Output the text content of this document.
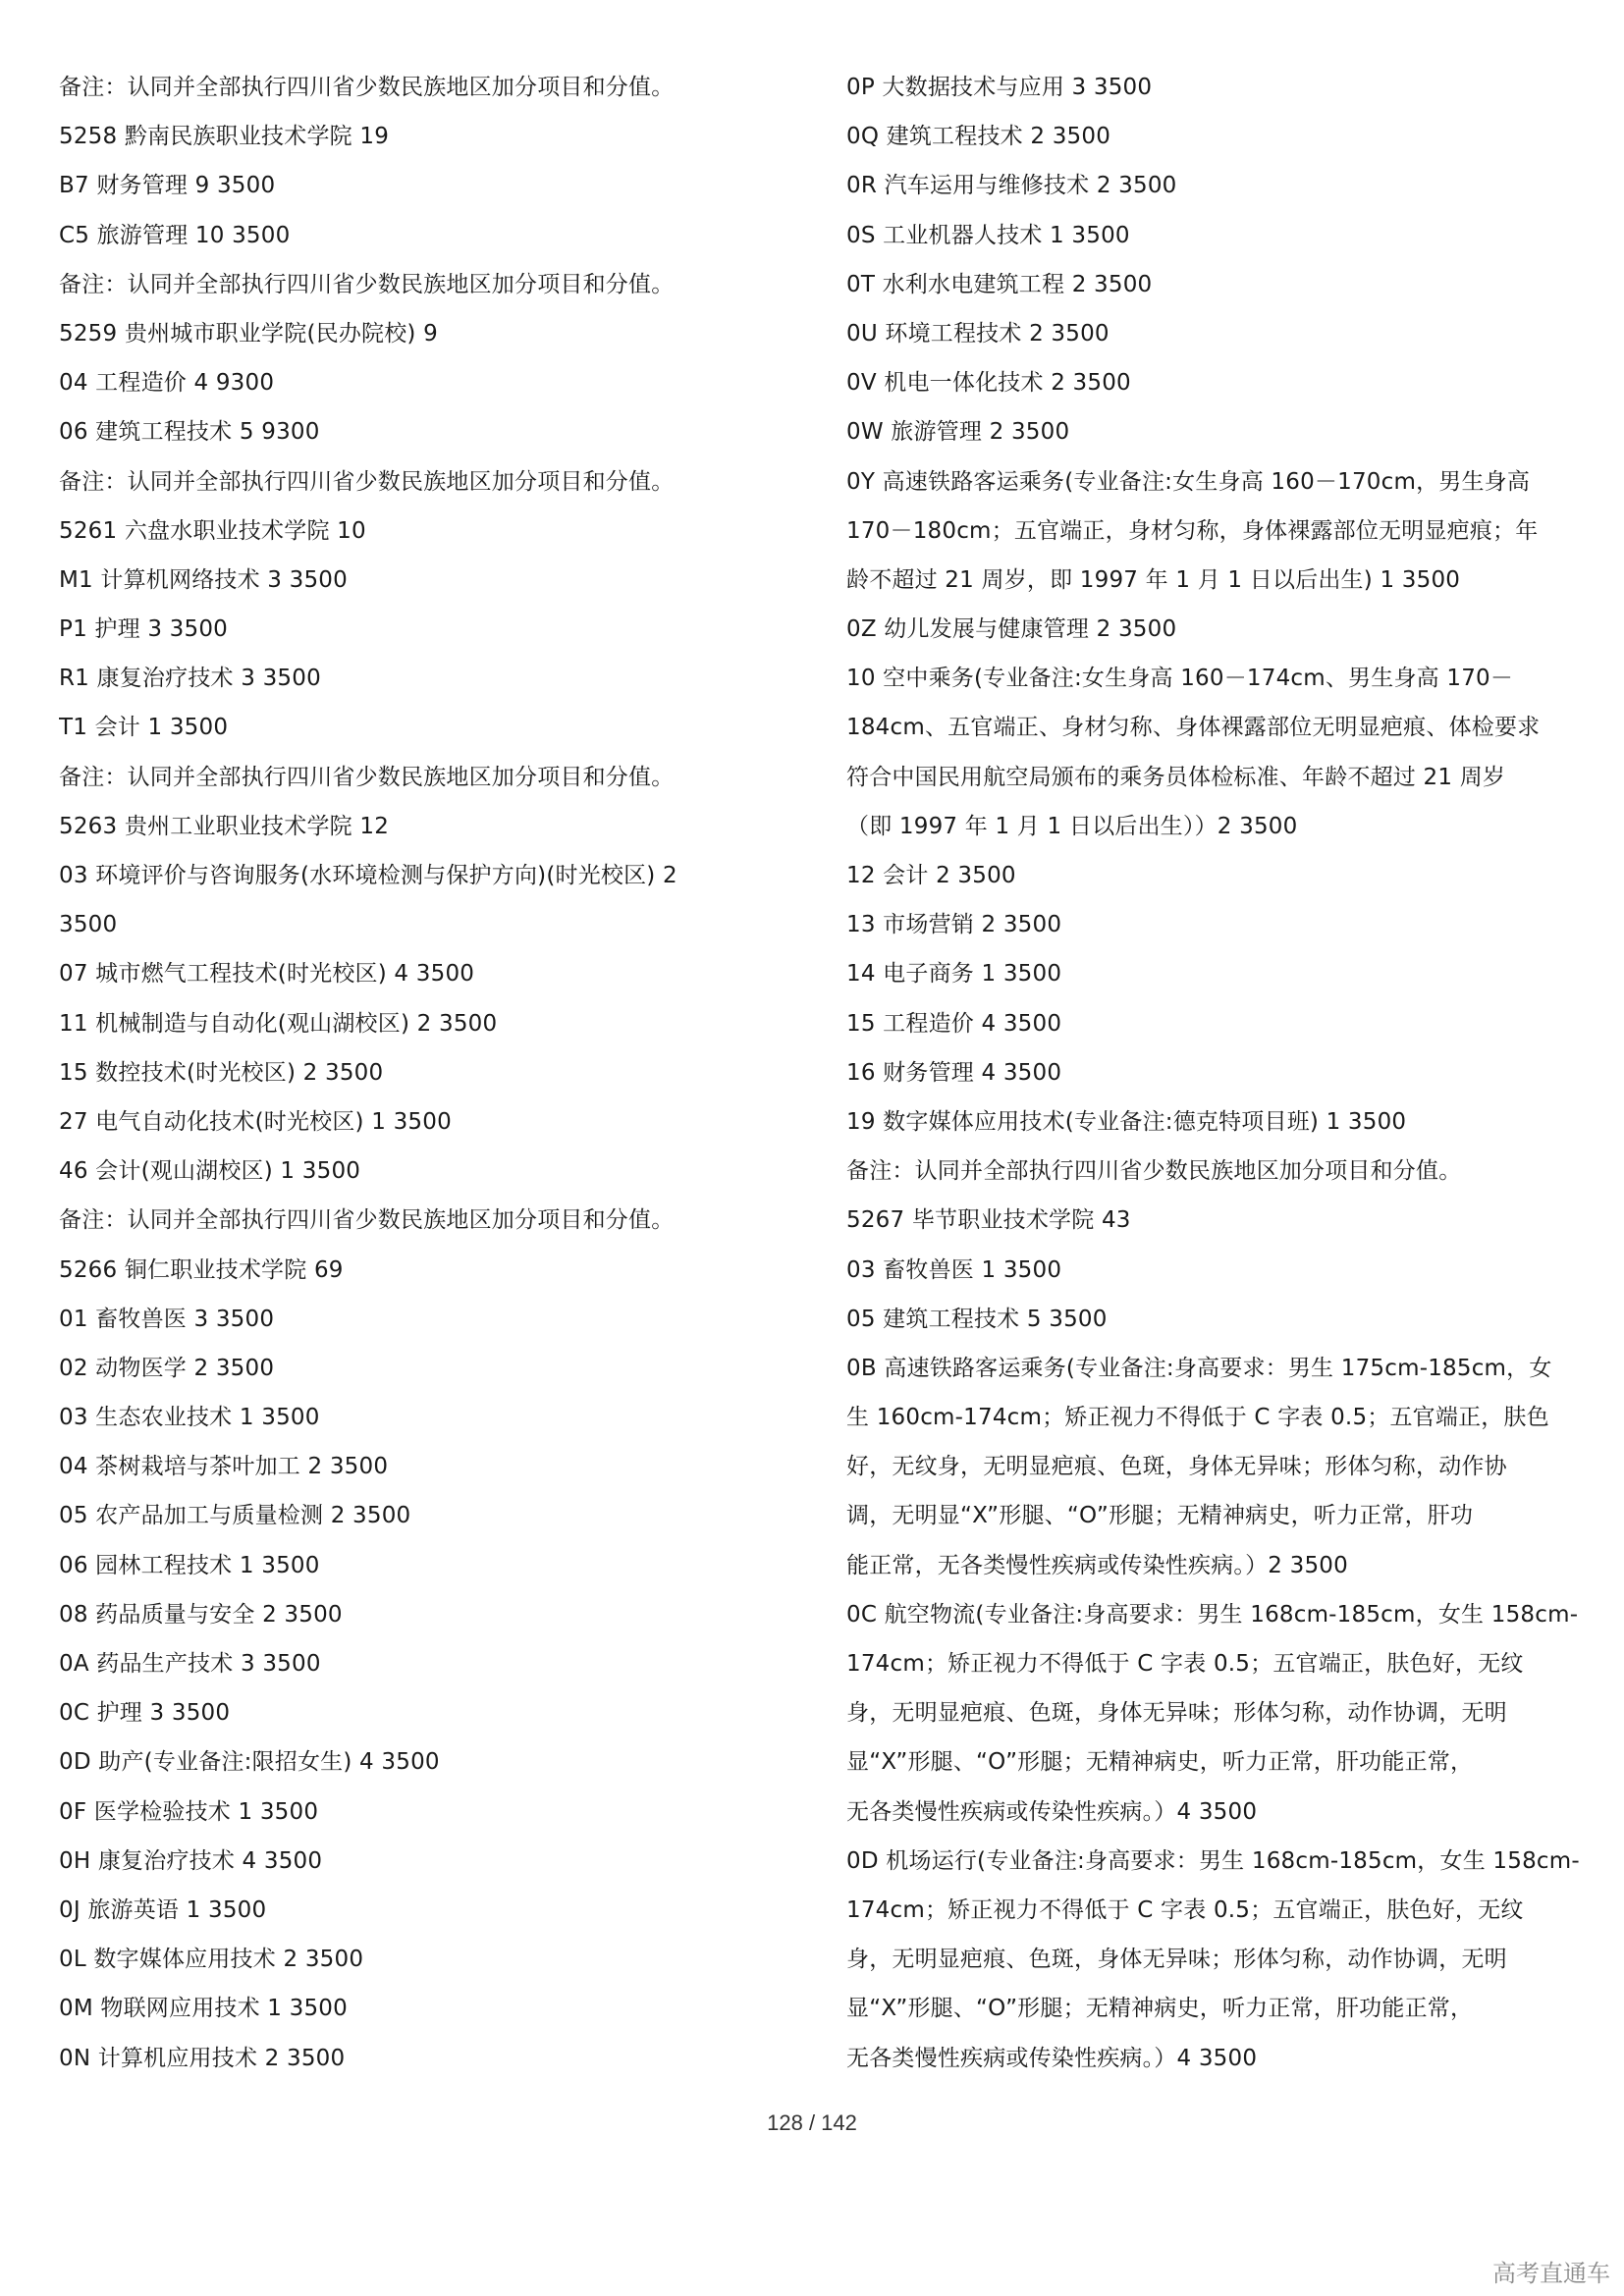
备注：认同并全部执行四川省少数民族地区加分项目和分值。
5258 黔南民族职业技术学院 19
B7 财务管理 9 3500
C5 旅游管理 10 3500
备注：认同并全部执行四川省少数民族地区加分项目和分值。
5259 贵州城市职业学院(民办院校) 9
04 工程造价 4 9300
06 建筑工程技术 5 9300
备注：认同并全部执行四川省少数民族地区加分项目和分值。
5261 六盘水职业技术学院 10
M1 计算机网络技术 3 3500
P1 护理 3 3500
R1 康复治疗技术 3 3500
T1 会计 1 3500
备注：认同并全部执行四川省少数民族地区加分项目和分值。
5263 贵州工业职业技术学院 12
03 环境评价与咨询服务(水环境检测与保护方向)(时光校区) 2
3500
07 城市燃气工程技术(时光校区) 4 3500
11 机械制造与自动化(观山湖校区) 2 3500
15 数控技术(时光校区) 2 3500
27 电气自动化技术(时光校区) 1 3500
46 会计(观山湖校区) 1 3500
备注：认同并全部执行四川省少数民族地区加分项目和分值。
5266 铜仁职业技术学院 69
01 畜牧兽医 3 3500
02 动物医学 2 3500
03 生态农业技术 1 3500
04 茶树栽培与茶叶加工 2 3500
05 农产品加工与质量检测 2 3500
06 园林工程技术 1 3500
08 药品质量与安全 2 3500
0A 药品生产技术 3 3500
0C 护理 3 3500
0D 助产(专业备注:限招女生) 4 3500
0F 医学检验技术 1 3500
0H 康复治疗技术 4 3500
0J 旅游英语 1 3500
0L 数字媒体应用技术 2 3500
0M 物联网应用技术 1 3500
0N 计算机应用技术 2 3500
0P 大数据技术与应用 3 3500
0Q 建筑工程技术 2 3500
0R 汽车运用与维修技术 2 3500
0S 工业机器人技术 1 3500
0T 水利水电建筑工程 2 3500
0U 环境工程技术 2 3500
0V 机电一体化技术 2 3500
0W 旅游管理 2 3500
0Y 高速铁路客运乘务(专业备注:女生身高 160－170cm，男生身高
170－180cm；五官端正，身材匀称，身体裸露部位无明显疤痕；年
龄不超过 21 周岁，即 1997 年 1 月 1 日以后出生) 1 3500
0Z 幼儿发展与健康管理 2 3500
10 空中乘务(专业备注:女生身高 160－174cm、男生身高 170－
184cm、五官端正、身材匀称、身体裸露部位无明显疤痕、体检要求
符合中国民用航空局颁布的乘务员体检标准、年龄不超过 21 周岁
（即 1997 年 1 月 1 日以后出生））2 3500
12 会计 2 3500
13 市场营销 2 3500
14 电子商务 1 3500
15 工程造价 4 3500
16 财务管理 4 3500
19 数字媒体应用技术(专业备注:德克特项目班) 1 3500
备注：认同并全部执行四川省少数民族地区加分项目和分值。
5267 毕节职业技术学院 43
03 畜牧兽医 1 3500
05 建筑工程技术 5 3500
0B 高速铁路客运乘务(专业备注:身高要求：男生 175cm-185cm，女
生 160cm-174cm；矫正视力不得低于 C 字表 0.5；五官端正，肤色
好，无纹身，无明显疤痕、色斑，身体无异味；形体匀称，动作协
调，无明显“X”形腿、“O”形腿；无精神病史，听力正常，肝功
能正常，无各类慢性疾病或传染性疾病。）2 3500
0C 航空物流(专业备注:身高要求：男生 168cm-185cm，女生 158cm-
174cm；矫正视力不得低于 C 字表 0.5；五官端正，肤色好，无纹
身，无明显疤痕、色斑，身体无异味；形体匀称，动作协调，无明
显“X”形腿、“O”形腿；无精神病史，听力正常，肝功能正常，
无各类慢性疾病或传染性疾病。）4 3500
0D 机场运行(专业备注:身高要求：男生 168cm-185cm，女生 158cm-
174cm；矫正视力不得低于 C 字表 0.5；五官端正，肤色好，无纹
身，无明显疤痕、色斑，身体无异味；形体匀称，动作协调，无明
显“X”形腿、“O”形腿；无精神病史，听力正常，肝功能正常，
无各类慢性疾病或传染性疾病。）4 3500
128 / 142
高考直通车
